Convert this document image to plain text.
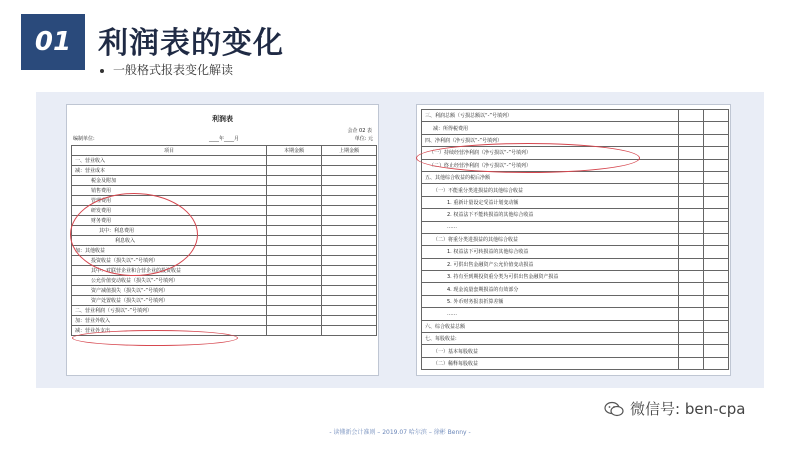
01 利润表的变化
一般格式报表变化解读
利润表
会企 02 表
编制单位:	____年____月	单位: 元
项目	本期金额	上期金额
一、营业收入		
减：营业成本		
税金及附加		
销售费用		
管理费用		
研发费用		
财务费用		
其中：利息费用		
利息收入		
加：其他收益		
投资收益（损失以“-”号填列）		
其中：对联营企业和合营企业的投资收益		
公允价值变动收益（损失以“-”号填列）		
资产减值损失（损失以“-”号填列）		
资产处置收益（损失以“-”号填列）		
二、营业利润（亏损以“-”号填列）		
加：营业外收入		
减：营业外支出		
三、利润总额（亏损总额以“-”号填列）		
减：所得税费用		
四、净利润（净亏损以“-”号填列）		
（一）持续经营净利润（净亏损以“-”号填列）		
（二）终止经营净利润（净亏损以“-”号填列）		
五、其他综合收益的税后净额		
（一）不能重分类进损益的其他综合收益		
1. 重新计量设定受益计划变动额		
2. 权益法下不能转损益的其他综合收益		
……		
（二）将重分类进损益的其他综合收益		
1. 权益法下可转损益的其他综合收益		
2. 可供出售金融资产公允价值变动损益		
3. 持有至到期投资重分类为可供出售金融资产损益		
4. 现金流量套期损益的有效部分		
5. 外币财务报表折算差额		
……		
六、综合收益总额		
七、每股收益:		
（一）基本每股收益		
（二）稀释每股收益		
微信号: ben-cpa
- 读懂新会计准则 – 2019.07 哈尔滨 – 徐彬 Benny -
